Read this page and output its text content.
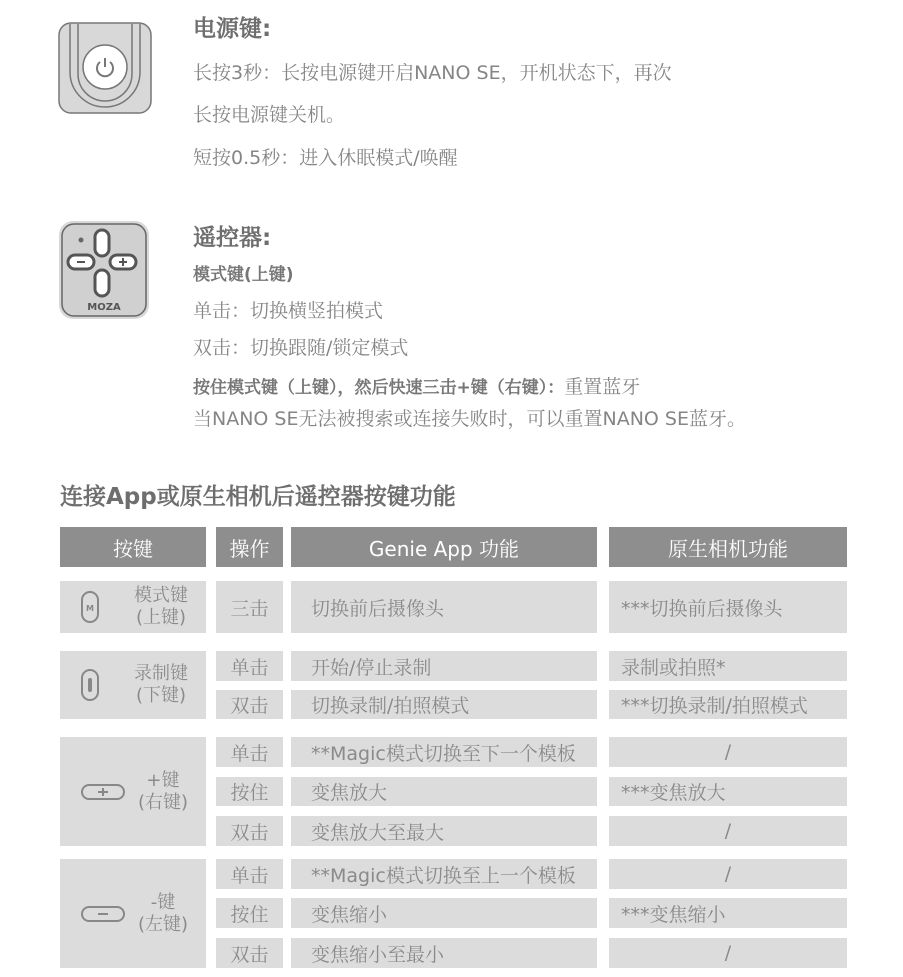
电源键:
长按3秒：长按电源键开启NANO SE，开机状态下，再次
长按电源键关机。
短按0.5秒：进入休眠模式/唤醒
MOZA
遥控器:
模式键(上键)
单击：切换横竖拍模式
双击：切换跟随/锁定模式
按住模式键（上键），然后快速三击+键（右键）：重置蓝牙
当NANO SE无法被搜索或连接失败时，可以重置NANO SE蓝牙。
连接App或原生相机后遥控器按键功能
按键	操作	Genie App 功能	原生相机功能
M
模式键
(上键)	三击	切换前后摄像头	***切换前后摄像头
录制键
(下键)
单击	开始/停止录制	录制或拍照*
双击	切换录制/拍照模式	***切换录制/拍照模式
+键
(右键)
单击	**Magic模式切换至下一个模板	/
按住	变焦放大	***变焦放大
双击	变焦放大至最大	/
-键
(左键)
单击	**Magic模式切换至上一个模板	/
按住	变焦缩小	***变焦缩小
双击	变焦缩小至最小	/
